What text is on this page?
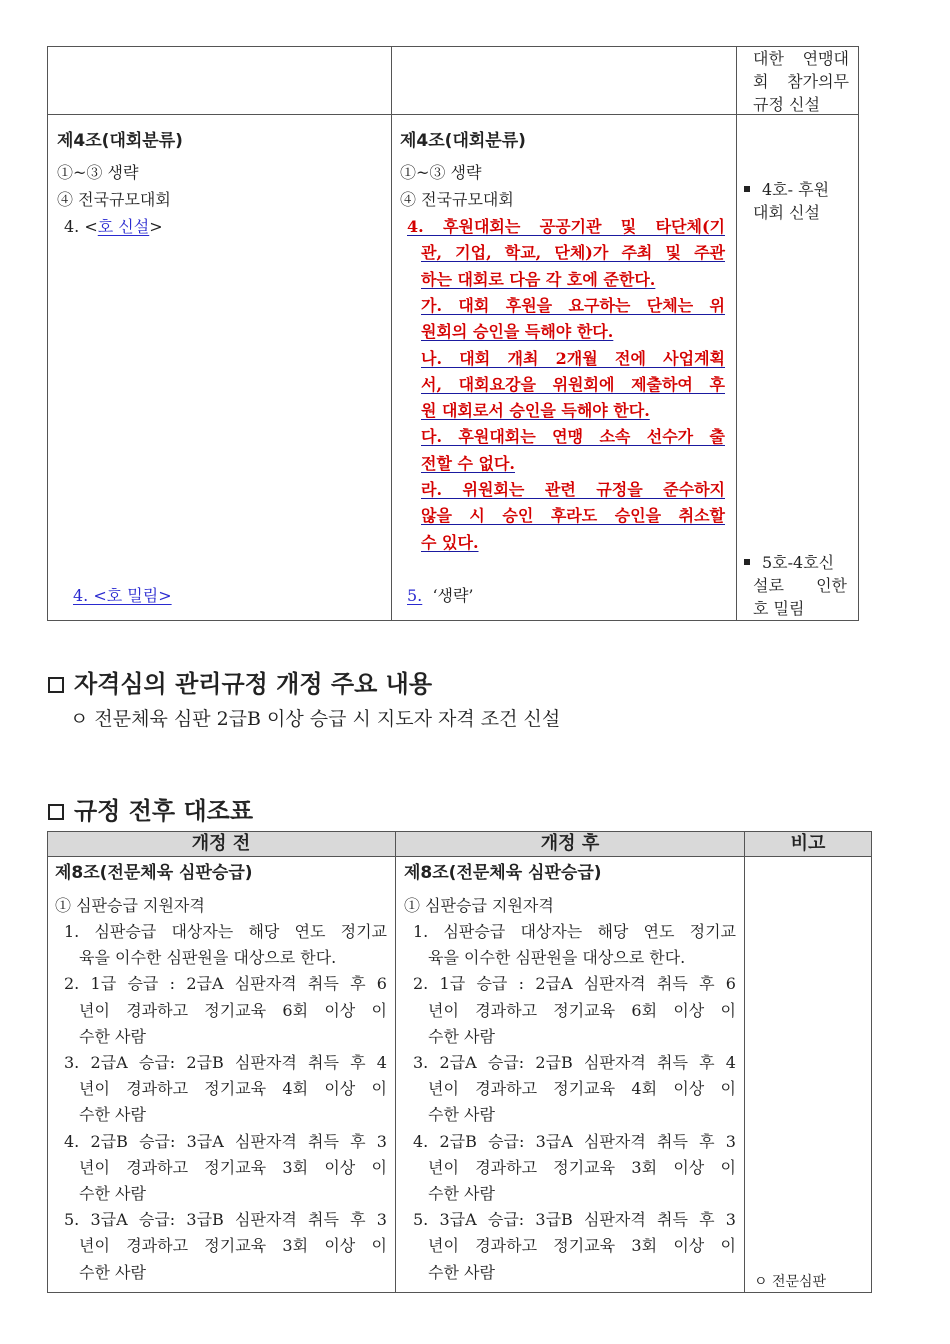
대한 연맹대
회 참가의무
규정 신설
제4조(대회분류)
①~③ 생략
④ 전국규모대회
4. <호 신설>
4. <호 밀림>
제4조(대회분류)
①~③ 생략
④ 전국규모대회
4. 후원대회는 공공기관 및 타단체(기
관, 기업, 학교, 단체)가 주최 및 주관
하는 대회로 다음 각 호에 준한다.
가. 대회 후원을 요구하는 단체는 위
원회의 승인을 득해야 한다.
나. 대회 개최 2개월 전에 사업계획
서, 대회요강을 위원회에 제출하여 후
원 대회로서 승인을 득해야 한다.
다. 후원대회는 연맹 소속 선수가 출
전할 수 없다.
라. 위원회는 관련 규정을 준수하지
않을 시 승인 후라도 승인을 취소할
수 있다.
5. ‘생략’
4호- 후원
대회 신설
5호-4호신
설로 인한
호 밀림
자격심의 관리규정 개정 주요 내용
ㅇ 전문체육 심판 2급B 이상 승급 시 지도자 자격 조건 신설
규정 전후 대조표
개정 전	개정 후	비고
제8조(전문체육 심판승급)
① 심판승급 지원자격
1. 심판승급 대상자는 해당 연도 정기교
육을 이수한 심판원을 대상으로 한다.
2. 1급 승급 : 2급A 심판자격 취득 후 6
년이 경과하고 정기교육 6회 이상 이
수한 사람
3. 2급A 승급: 2급B 심판자격 취득 후 4
년이 경과하고 정기교육 4회 이상 이
수한 사람
4. 2급B 승급: 3급A 심판자격 취득 후 3
년이 경과하고 정기교육 3회 이상 이
수한 사람
5. 3급A 승급: 3급B 심판자격 취득 후 3
년이 경과하고 정기교육 3회 이상 이
수한 사람
제8조(전문체육 심판승급)
① 심판승급 지원자격
1. 심판승급 대상자는 해당 연도 정기교
육을 이수한 심판원을 대상으로 한다.
2. 1급 승급 : 2급A 심판자격 취득 후 6
년이 경과하고 정기교육 6회 이상 이
수한 사람
3. 2급A 승급: 2급B 심판자격 취득 후 4
년이 경과하고 정기교육 4회 이상 이
수한 사람
4. 2급B 승급: 3급A 심판자격 취득 후 3
년이 경과하고 정기교육 3회 이상 이
수한 사람
5. 3급A 승급: 3급B 심판자격 취득 후 3
년이 경과하고 정기교육 3회 이상 이
수한 사람
ㅇ 전문심판
